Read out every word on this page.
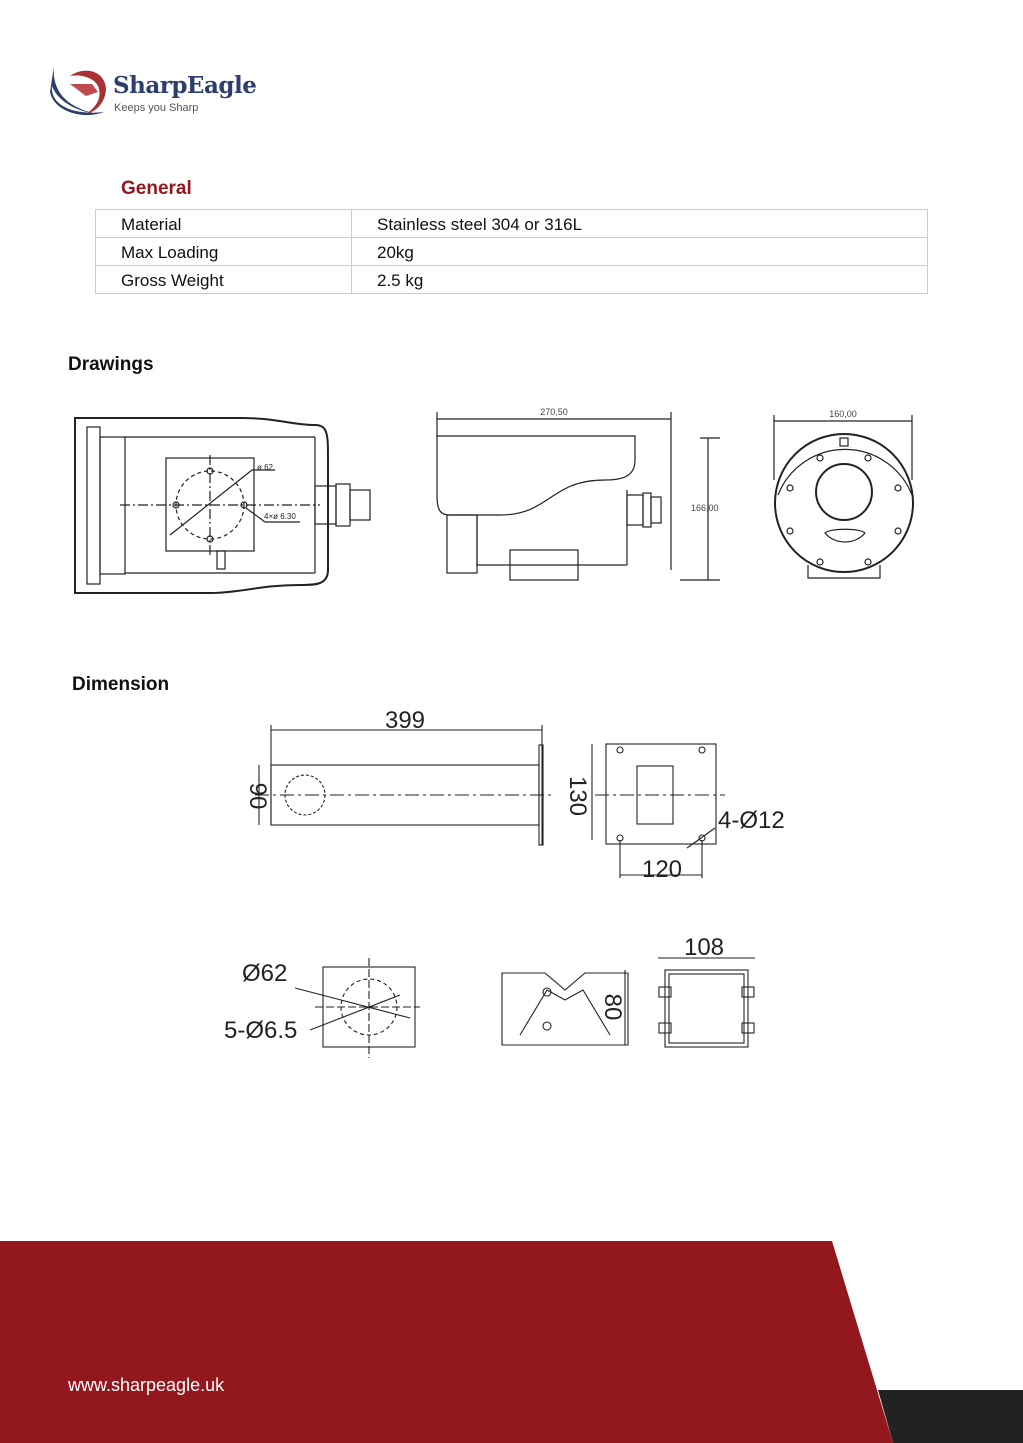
SharpEagle
Keeps you Sharp
General
Material	Stainless steel 304 or 316L
Max Loading	20kg
Gross Weight	2.5 kg
Drawings
ø 62
4×ø 6.30
270,50
166,00
160,00
Dimension
399
90	130
4-Ø12
120
Ø62
5-Ø6.5
80
108
www.sharpeagle.uk
